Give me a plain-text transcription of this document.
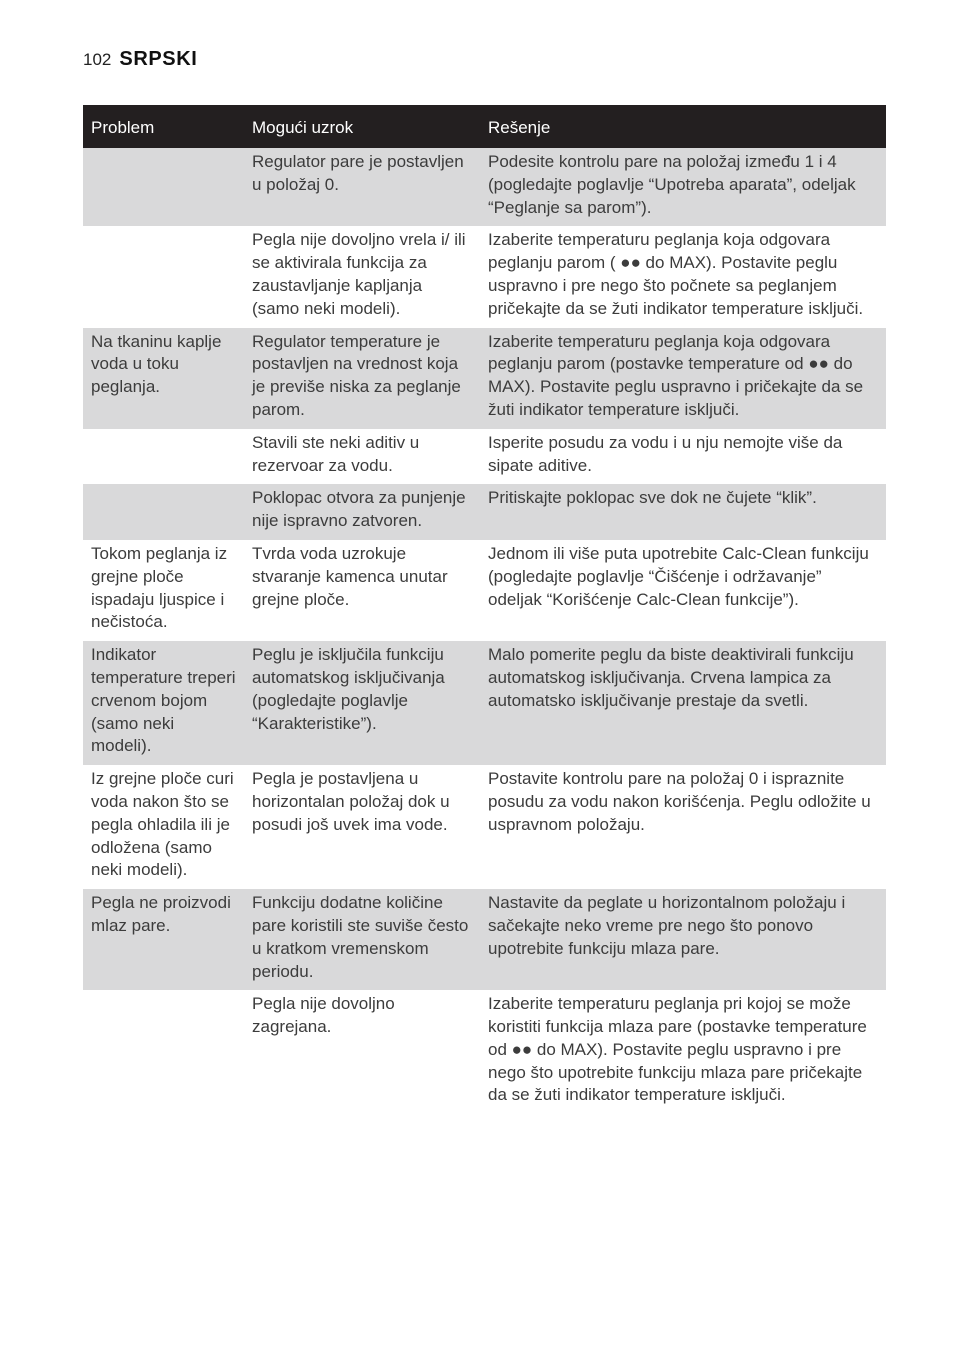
102 SRPSKI
Problem	Mogući uzrok	Rešenje
	Regulator pare je postavljen u položaj 0.	Podesite kontrolu pare na položaj između 1 i 4 (pogledajte poglavlje “Upotreba aparata”, odeljak “Peglanje sa parom”).
	Pegla nije dovoljno vrela i/ ili se aktivirala funkcija za zaustavljanje kapljanja (samo neki modeli).	Izaberite temperaturu peglanja koja odgovara peglanju parom ( ●● do MAX). Postavite peglu uspravno i pre nego što počnete sa peglanjem pričekajte da se žuti indikator temperature isključi.
Na tkaninu kaplje voda u toku peglanja.	Regulator temperature je postavljen na vrednost koja je previše niska za peglanje parom.	Izaberite temperaturu peglanja koja odgovara peglanju parom (postavke temperature od ●● do MAX). Postavite peglu uspravno i pričekajte da se žuti indikator temperature isključi.
	Stavili ste neki aditiv u rezervoar za vodu.	Isperite posudu za vodu i u nju nemojte više da sipate aditive.
	Poklopac otvora za punjenje nije ispravno zatvoren.	Pritiskajte poklopac sve dok ne čujete “klik”.
Tokom peglanja iz grejne ploče ispadaju ljuspice i nečistoća.	Tvrda voda uzrokuje stvaranje kamenca unutar grejne ploče.	Jednom ili više puta upotrebite Calc-Clean funkciju (pogledajte poglavlje “Čišćenje i održavanje” odeljak “Korišćenje Calc-Clean funkcije”).
Indikator temperature treperi crvenom bojom (samo neki modeli).	Peglu je isključila funkciju automatskog isključivanja (pogledajte poglavlje “Karakteristike”).	Malo pomerite peglu da biste deaktivirali funkciju automatskog isključivanja. Crvena lampica za automatsko isključivanje prestaje da svetli.
Iz grejne ploče curi voda nakon što se pegla ohladila ili je odložena (samo neki modeli).	Pegla je postavljena u horizontalan položaj dok u posudi još uvek ima vode.	Postavite kontrolu pare na položaj 0 i ispraznite posudu za vodu nakon korišćenja. Peglu odložite u uspravnom položaju.
Pegla ne proizvodi mlaz pare.	Funkciju dodatne količine pare koristili ste suviše često u kratkom vremenskom periodu.	Nastavite da peglate u horizontalnom položaju i sačekajte neko vreme pre nego što ponovo upotrebite funkciju mlaza pare.
	Pegla nije dovoljno zagrejana.	Izaberite temperaturu peglanja pri kojoj se može koristiti funkcija mlaza pare (postavke temperature od ●● do MAX). Postavite peglu uspravno i pre nego što upotrebite funkciju mlaza pare pričekajte da se žuti indikator temperature isključi.
